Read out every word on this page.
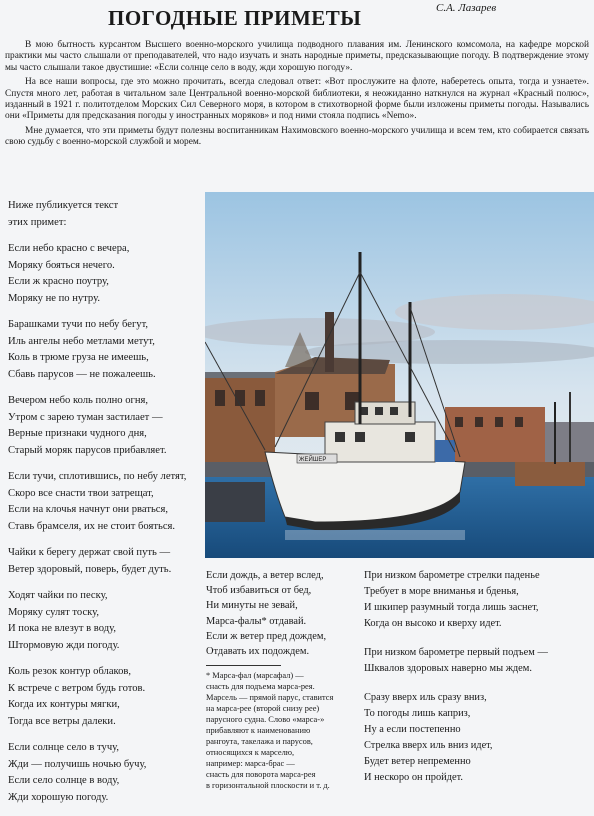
ПОГОДНЫЕ ПРИМЕТЫ	С.А. Лазарев

В мою бытность курсантом Высшего военно-морского училища подводного плавания им. Ленинского комсомола, на кафедре морской практики мы часто слышали от преподавателей, что надо изучать и знать народные приметы, предсказывающие погоду. В подтверждение этому мы часто слышали такое двустишие: «Если солнце село в воду, жди хорошую погоду».

На все наши вопросы, где это можно прочитать, всегда следовал ответ: «Вот прослужите на флоте, наберетесь опыта, тогда и узнаете». Спустя много лет, работая в читальном зале Центральной военно-морской библиотеки, я неожиданно наткнулся на журнал «Красный полюс», изданный в 1921 г. политотделом Морских Сил Северного моря, в котором в стихотворной форме были изложены приметы погоды. Назывались они «Приметы для предсказания погоды у иностранных моряков» и под ними стояла подпись «Nemo».

Мне думается, что эти приметы будут полезны воспитанникам Нахимовского военно-морского училища и всем тем, кто собирается связать свою судьбу с военно-морской службой и морем.

Ниже публикуется текст
этих примет:
Если небо красно с вечера,
Моряку бояться нечего.
Если ж красно поутру,
Моряку не по нутру.
Барашками тучи по небу бегут,
Иль ангелы небо метлами метут,
Коль в трюме груза не имеешь,
Сбавь парусов — не пожалеешь.
Вечером небо коль полно огня,
Утром с зарею туман застилает —
Верные признаки чудного дня,
Старый моряк парусов прибавляет.
Если тучи, сплотившись, по небу летят,
Скоро все снасти твои затрещат,
Если на клочья начнут они рваться,
Ставь брамселя, их не стоит бояться.
Чайки к берегу держат свой путь —
Ветер здоровый, поверь, будет дуть.
Ходят чайки по песку,
Моряку сулят тоску,
И пока не влезут в воду,
Штормовую жди погоду.
Коль резок контур облаков,
К встрече с ветром будь готов.
Когда их контуры мягки,
Тогда все ветры далеки.
Если солнце село в тучу,
Жди — получишь ночью бучу,
Если село солнце в воду,
Жди хорошую погоду.
ЖЕЙШЕР
Если дождь, а ветер вслед,
Чтоб избавиться от бед,
Ни минуты не зевай,
Марса-фалы* отдавай.
Если ж ветер пред дождем,
Отдавать их подождем.
* Марса-фал (марсафал) —
снасть для подъема марса-рея.
Марсель — прямой парус, ставится
на марса-рее (второй снизу рее)
парусного судна. Слово «марса-»
прибавляют к наименованию
рангоута, такелажа и парусов,
относящихся к марселю,
например: марса-брас —
снасть для поворота марса-рея
в горизонтальной плоскости и т. д.
При низком барометре стрелки паденье
Требует в море вниманья и бденья,
И шкипер разумный тогда лишь заснет,
Когда он высоко и кверху идет.
При низком барометре первый подъем —
Шквалов здоровых наверно мы ждем.
Сразу вверх иль сразу вниз,
То погоды лишь каприз,
Ну а если постепенно
Стрелка вверх иль вниз идет,
Будет ветер непременно
И нескоро он пройдет.
